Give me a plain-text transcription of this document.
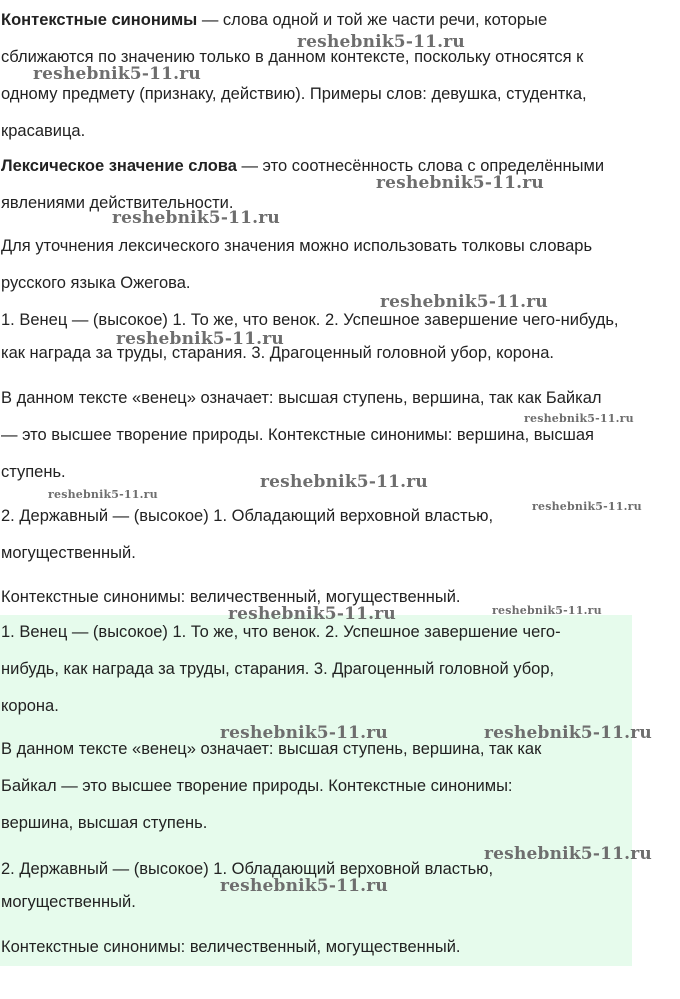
Контекстные синонимы — слова одной и той же части речи, которые
сближаются по значению только в данном контексте, поскольку относятся к
одному предмету (признаку, действию). Примеры слов: девушка, студентка,
красавица.

Лексическое значение слова — это соотнесённость слова с определёнными
явлениями действительности.

Для уточнения лексического значения можно использовать толковы словарь
русского языка Ожегова.

1. Венец — (высокое) 1. То же, что венок. 2. Успешное завершение чего-нибудь,
как награда за труды, старания. 3. Драгоценный головной убор, корона.

В данном тексте «венец» означает: высшая ступень, вершина, так как Байкал
— это высшее творение природы. Контекстные синонимы: вершина, высшая
ступень.

2. Державный — (высокое) 1. Обладающий верховной властью,
могущественный.

Контекстные синонимы: величественный, могущественный.

1. Венец — (высокое) 1. То же, что венок. 2. Успешное завершение чего-
нибудь, как награда за труды, старания. 3. Драгоценный головной убор,
корона.

В данном тексте «венец» означает: высшая ступень, вершина, так как
Байкал — это высшее творение природы. Контекстные синонимы:
вершина, высшая ступень.

2. Державный — (высокое) 1. Обладающий верховной властью,
могущественный.

Контекстные синонимы: величественный, могущественный.

reshebnik5-11.ru
reshebnik5-11.ru
reshebnik5-11.ru
reshebnik5-11.ru
reshebnik5-11.ru
reshebnik5-11.ru
reshebnik5-11.ru
reshebnik5-11.ru
reshebnik5-11.ru
reshebnik5-11.ru
reshebnik5-11.ru	reshebnik5-11.ru
reshebnik5-11.ru	reshebnik5-11.ru
reshebnik5-11.ru
reshebnik5-11.ru
